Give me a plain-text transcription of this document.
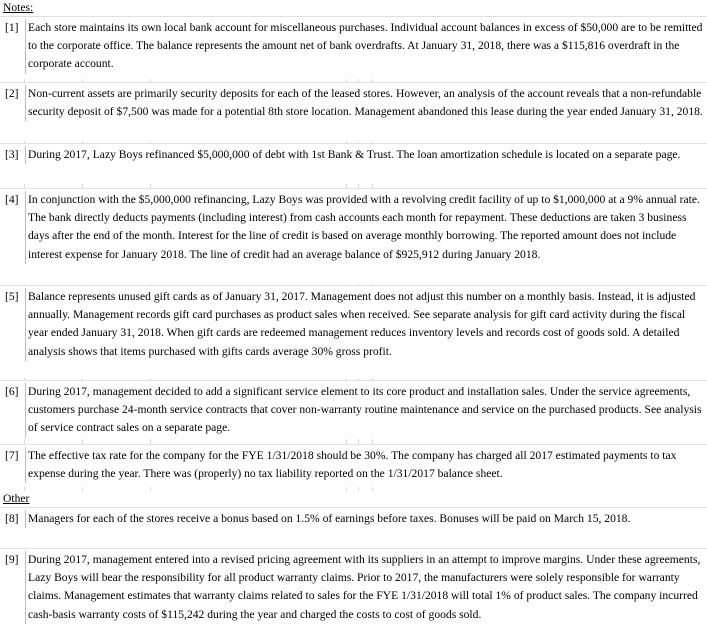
Notes:
[1] Each store maintains its own local bank account for miscellaneous purchases. Individual account balances in excess of $50,000 are to be remitted to the corporate office. The balance represents the amount net of bank overdrafts. At January 31, 2018, there was a $115,816 overdraft in the corporate account.
[2] Non-current assets are primarily security deposits for each of the leased stores. However, an analysis of the account reveals that a non-refundable security deposit of $7,500 was made for a potential 8th store location. Management abandoned this lease during the year ended January 31, 2018.
[3] During 2017, Lazy Boys refinanced $5,000,000 of debt with 1st Bank & Trust. The loan amortization schedule is located on a separate page.
[4] In conjunction with the $5,000,000 refinancing, Lazy Boys was provided with a revolving credit facility of up to $1,000,000 at a 9% annual rate. The bank directly deducts payments (including interest) from cash accounts each month for repayment. These deductions are taken 3 business days after the end of the month. Interest for the line of credit is based on average monthly borrowing. The reported amount does not include interest expense for January 2018. The line of credit had an average balance of $925,912 during January 2018.
[5] Balance represents unused gift cards as of January 31, 2017. Management does not adjust this number on a monthly basis. Instead, it is adjusted annually. Management records gift card purchases as product sales when received. See separate analysis for gift card activity during the fiscal year ended January 31, 2018. When gift cards are redeemed management reduces inventory levels and records cost of goods sold. A detailed analysis shows that items purchased with gifts cards average 30% gross profit.
[6] During 2017, management decided to add a significant service element to its core product and installation sales. Under the service agreements, customers purchase 24-month service contracts that cover non-warranty routine maintenance and service on the purchased products. See analysis of service contract sales on a separate page.
[7] The effective tax rate for the company for the FYE 1/31/2018 should be 30%. The company has charged all 2017 estimated payments to tax expense during the year. There was (properly) no tax liability reported on the 1/31/2017 balance sheet.
Other
[8] Managers for each of the stores receive a bonus based on 1.5% of earnings before taxes. Bonuses will be paid on March 15, 2018.
[9] During 2017, management entered into a revised pricing agreement with its suppliers in an attempt to improve margins. Under these agreements, Lazy Boys will bear the responsibility for all product warranty claims. Prior to 2017, the manufacturers were solely responsible for warranty claims. Management estimates that warranty claims related to sales for the FYE 1/31/2018 will total 1% of product sales. The company incurred cash-basis warranty costs of $115,242 during the year and charged the costs to cost of goods sold.
